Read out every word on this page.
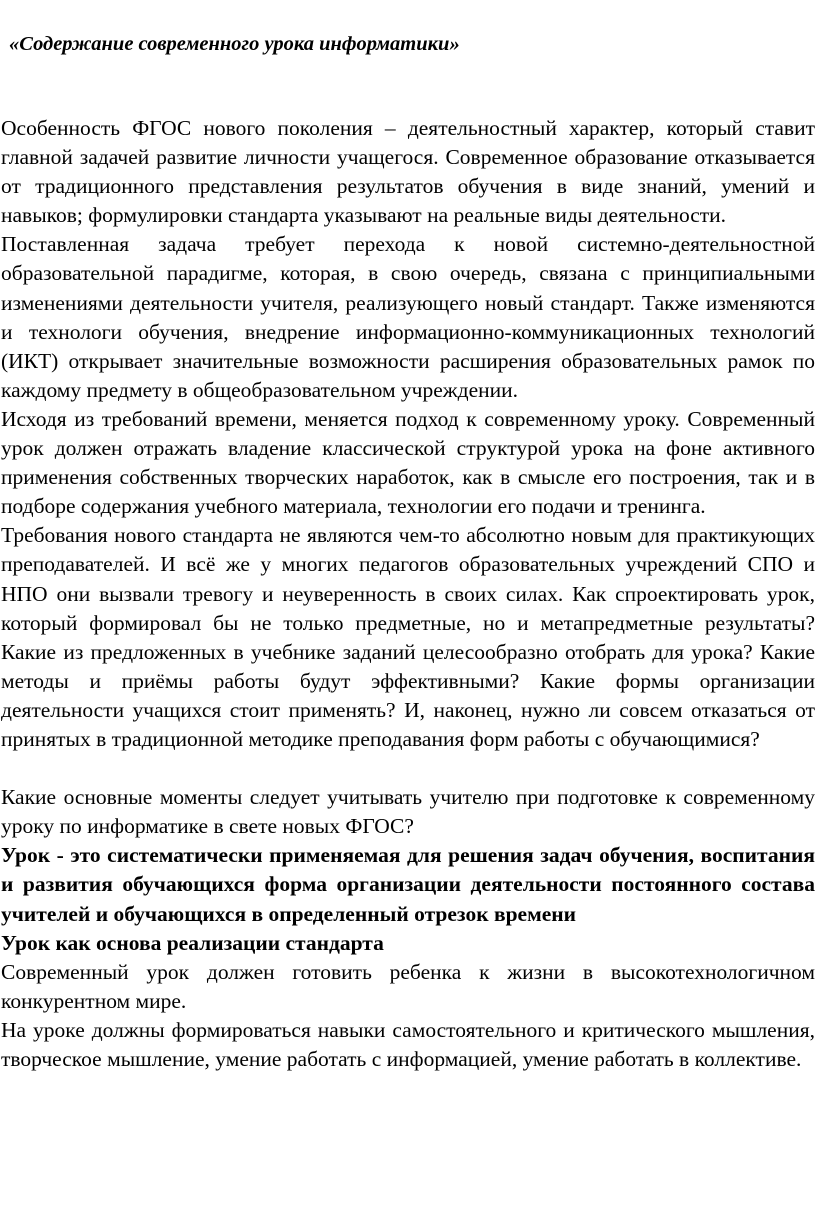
«Содержание современного урока информатики»

Особенность ФГОС нового поколения – деятельностный характер, который ставит главной задачей развитие личности учащегося. Современное образование отказывается от традиционного представления результатов обучения в виде знаний, умений и навыков; формулировки стандарта указывают на реальные виды деятельности.

Поставленная задача требует перехода к новой системно-деятельностной образовательной парадигме, которая, в свою очередь, связана с принципиальными изменениями деятельности учителя, реализующего новый стандарт. Также изменяются и технологи обучения, внедрение информационно-коммуникационных технологий (ИКТ) открывает значительные возможности расширения образовательных рамок по каждому предмету в общеобразовательном учреждении.

Исходя из требований времени, меняется подход к современному уроку. Современный урок должен отражать владение классической структурой урока на фоне активного применения собственных творческих наработок, как в смысле его построения, так и в подборе содержания учебного материала, технологии его подачи и тренинга.

Требования нового стандарта не являются чем-то абсолютно новым для практикующих преподавателей. И всё же у многих педагогов образовательных учреждений СПО и НПО они вызвали тревогу и неуверенность в своих силах. Как спроектировать урок, который формировал бы не только предметные, но и метапредметные результаты? Какие из предложенных в учебнике заданий целесообразно отобрать для урока? Какие методы и приёмы работы будут эффективными? Какие формы организации деятельности учащихся стоит применять? И, наконец, нужно ли совсем отказаться от принятых в традиционной методике преподавания форм работы с обучающимися?

Какие основные моменты следует учитывать учителю при подготовке к современному уроку по информатике в свете новых ФГОС?

Урок - это систематически применяемая для решения задач обучения, воспитания и развития обучающихся форма организации деятельности постоянного состава учителей и обучающихся в определенный отрезок времени

Урок как основа реализации стандарта

Современный урок должен готовить ребенка к жизни в высокотехнологичном конкурентном мире.

На уроке должны формироваться навыки самостоятельного и критического мышления, творческое мышление, умение работать с информацией, умение работать в коллективе.
